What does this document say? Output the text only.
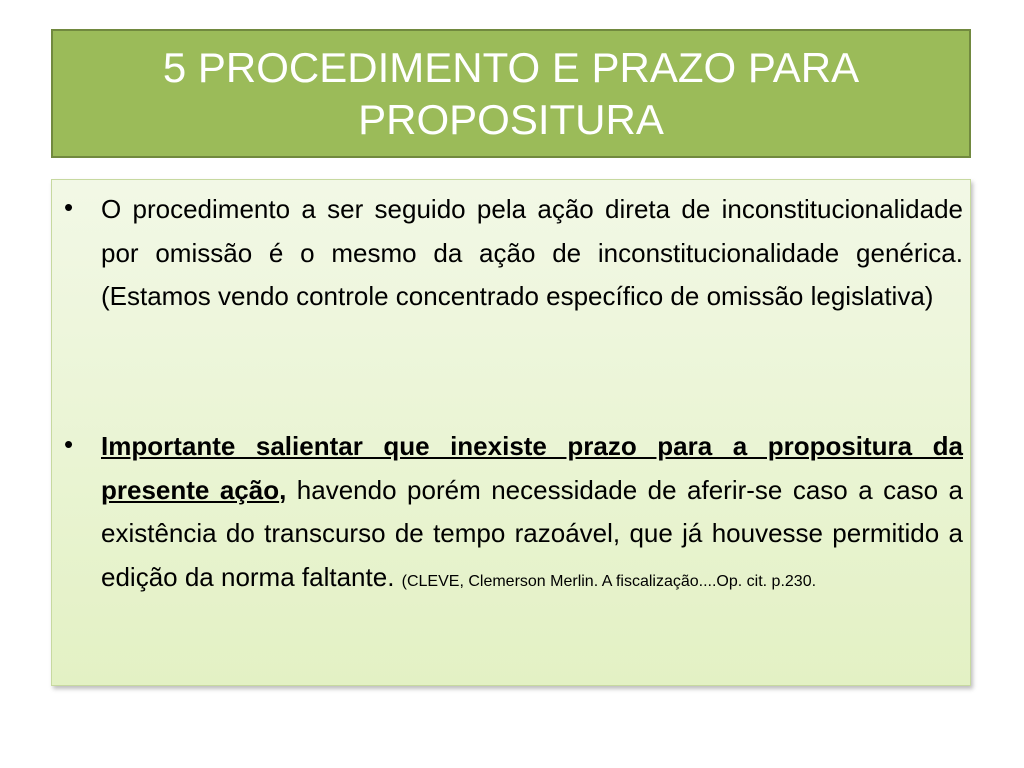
5 PROCEDIMENTO E PRAZO PARA
PROPOSITURA
• O procedimento a ser seguido pela ação direta de inconstitucionalidade por omissão é o mesmo da ação de inconstitucionalidade genérica. (Estamos vendo controle concentrado específico de omissão legislativa)
• Importante salientar que inexiste prazo para a propositura da presente ação, havendo porém necessidade de aferir-se caso a caso a existência do transcurso de tempo razoável, que já houvesse permitido a edição da norma faltante. (CLEVE, Clemerson Merlin. A fiscalização....Op. cit. p.230.
